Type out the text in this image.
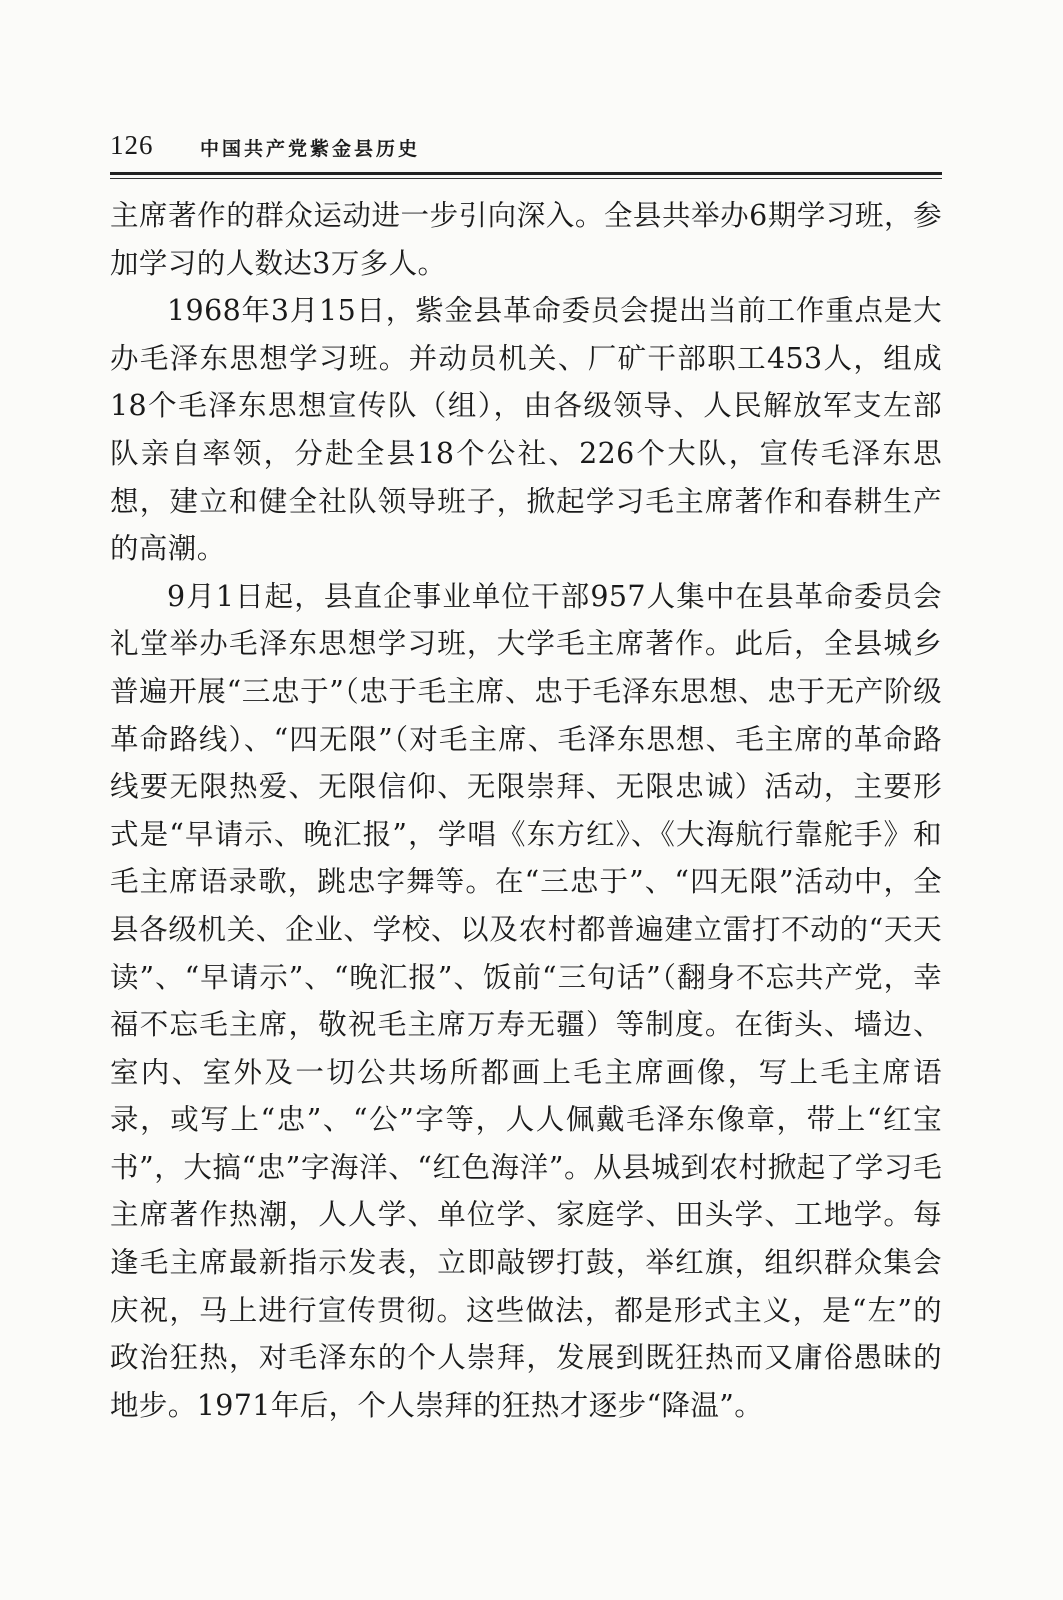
126 中国共产党紫金县历史

主席著作的群众运动进一步引向深入。全县共举办6期学习班，参加学习的人数达3万多人。

1968年3月15日，紫金县革命委员会提出当前工作重点是大办毛泽东思想学习班。并动员机关、厂矿干部职工453人，组成18个毛泽东思想宣传队（组），由各级领导、人民解放军支左部队亲自率领，分赴全县18个公社、226个大队，宣传毛泽东思想，建立和健全社队领导班子，掀起学习毛主席著作和春耕生产的高潮。

9月1日起，县直企事业单位干部957人集中在县革命委员会礼堂举办毛泽东思想学习班，大学毛主席著作。此后，全县城乡普遍开展“三忠于”（忠于毛主席、忠于毛泽东思想、忠于无产阶级革命路线）、“四无限”（对毛主席、毛泽东思想、毛主席的革命路线要无限热爱、无限信仰、无限崇拜、无限忠诚）活动，主要形式是“早请示、晚汇报”，学唱《东方红》、《大海航行靠舵手》和毛主席语录歌，跳忠字舞等。在“三忠于”、“四无限”活动中，全县各级机关、企业、学校、以及农村都普遍建立雷打不动的“天天读”、“早请示”、“晚汇报”、饭前“三句话”（翻身不忘共产党，幸福不忘毛主席，敬祝毛主席万寿无疆）等制度。在街头、墙边、室内、室外及一切公共场所都画上毛主席画像，写上毛主席语录，或写上“忠”、“公”字等，人人佩戴毛泽东像章，带上“红宝书”，大搞“忠”字海洋、“红色海洋”。从县城到农村掀起了学习毛主席著作热潮，人人学、单位学、家庭学、田头学、工地学。每逢毛主席最新指示发表，立即敲锣打鼓，举红旗，组织群众集会庆祝，马上进行宣传贯彻。这些做法，都是形式主义，是“左”的政治狂热，对毛泽东的个人崇拜，发展到既狂热而又庸俗愚昧的地步。1971年后，个人崇拜的狂热才逐步“降温”。
